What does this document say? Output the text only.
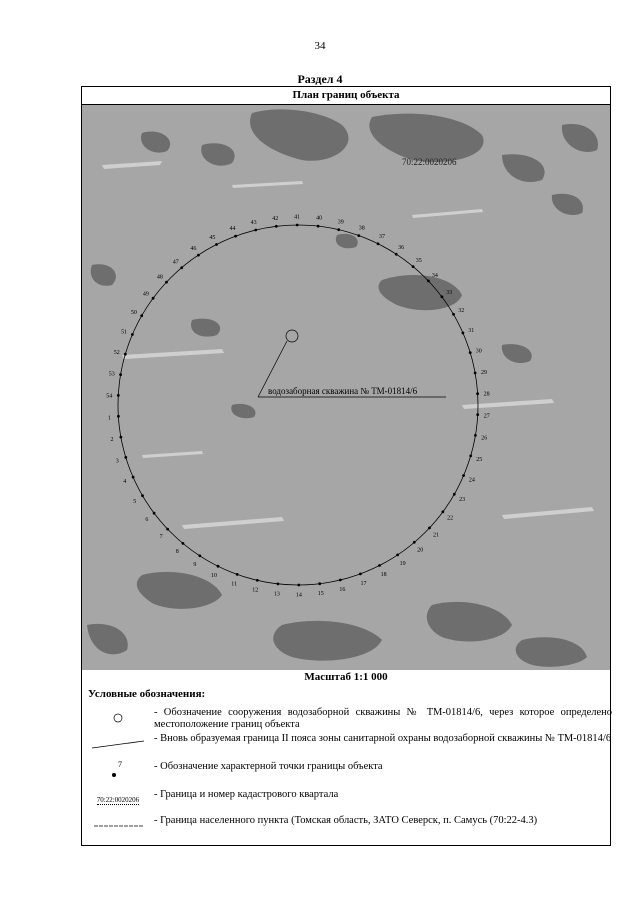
34
Раздел 4
План границ объекта
1
2
3
4
5
6
7
8
9
10
11
12
13	14	15
16
17
18
19
20
21
22
23
24
25
26
27
28
29
30
31
32
33
34
35
36
37
38
39
40
41
42
43
44
45
46
47
48
49
50
51
52
53
54
водозаборная скважина № ТМ-01814/6
70:22:0020206
Масштаб 1:1 000
Условные обозначения:
- Обозначение сооружения водозаборной скважины № ТМ-01814/6, через которое определено местоположение границ объекта
- Вновь образуемая граница II пояса зоны санитарной охраны водозаборной скважины № ТМ-01814/6
7	- Обозначение характерной точки границы объекта
70:22:0020206	- Граница и номер кадастрового квартала
- Граница населенного пункта (Томская область, ЗАТО Северск, п. Самусь (70:22-4.3)
